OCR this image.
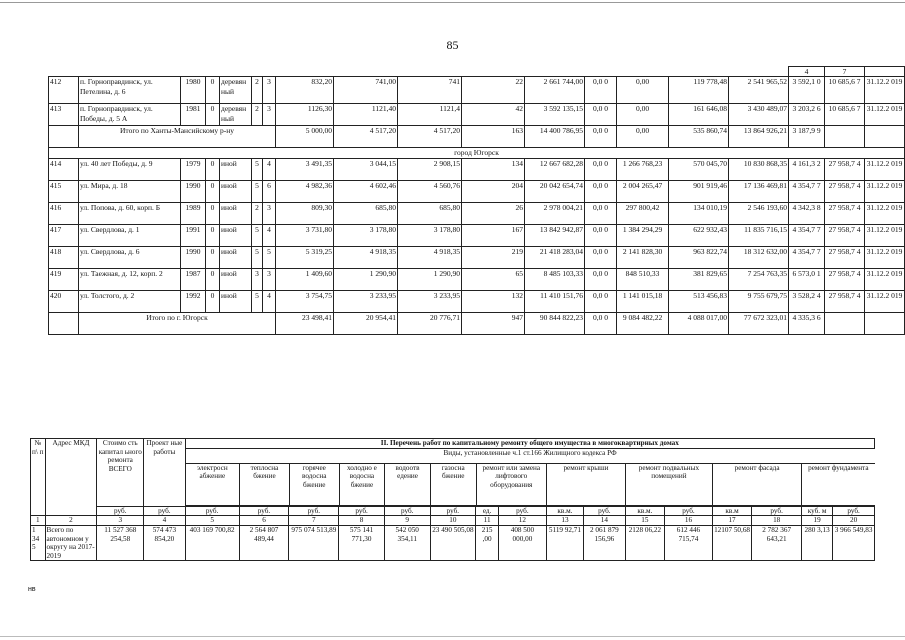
85
																4	7	
412	п. Горноправдинск, ул. Петелина, д. 6	1980	0	деревян ный	2	3	832,20	741,00	741	22	2 661 744,00	0,0 0	0,00	119 778,48	2 541 965,52	3 592,1 0	10 685,6 7	31.12.2 019
413	п. Горноправдинск, ул. Победы, д. 5 А	1981	0	деревян ный	2	3	1126,30	1121,40	1121,4	42	3 592 135,15	0,0 0	0,00	161 646,08	3 430 489,07	3 203,2 6	10 685,6 7	31.12.2 019
	Итого по Ханты-Мансийскому р-ну						5 000,00	4 517,20	4 517,20	163	14 400 786,95	0,0 0	0,00	535 860,74	13 864 926,21	3 187,9 9		
город Югорск																		
414	ул. 40 лет Победы, д. 9	1979	0	иной	5	4	3 491,35	3 044,15	2 908,15	134	12 667 682,28	0,0 0	1 266 768,23	570 045,70	10 830 868,35	4 161,3 2	27 958,7 4	31.12.2 019
415	ул. Мира, д. 18	1990	0	иной	5	6	4 982,36	4 602,46	4 560,76	204	20 042 654,74	0,0 0	2 004 265,47	901 919,46	17 136 469,81	4 354,7 7	27 958,7 4	31.12.2 019
416	ул. Попова, д. 60, корп. Б	1989	0	иной	2	3	809,30	685,80	685,80	26	2 978 004,21	0,0 0	297 800,42	134 010,19	2 546 193,60	4 342,3 8	27 958,7 4	31.12.2 019
417	ул. Свердлова, д. 1	1991	0	иной	5	4	3 731,80	3 178,80	3 178,80	167	13 842 942,87	0,0 0	1 384 294,29	622 932,43	11 835 716,15	4 354,7 7	27 958,7 4	31.12.2 019
418	ул. Свердлова, д. 6	1990	0	иной	5	5	5 319,25	4 918,35	4 918,35	219	21 418 283,04	0,0 0	2 141 828,30	963 822,74	18 312 632,00	4 354,7 7	27 958,7 4	31.12.2 019
419	ул. Таежная, д. 12, корп. 2	1987	0	иной	3	3	1 409,60	1 290,90	1 290,90	65	8 485 103,33	0,0 0	848 510,33	381 829,65	7 254 763,35	6 573,0 1	27 958,7 4	31.12.2 019
420	ул. Толстого, д. 2	1992	0	иной	5	4	3 754,75	3 233,95	3 233,95	132	11 410 151,76	0,0 0	1 141 015,18	513 456,83	9 755 679,75	3 528,2 4	27 958,7 4	31.12.2 019
	Итого по г. Югорск						23 498,41	20 954,41	20 776,71	947	90 844 822,23	0,0 0	9 084 482,22	4 088 017,00	77 672 323,01	4 335,3 6		
№ п\ п	Адрес МКД	Стоимо сть капитал ьного ремонта ВСЕГО	Проект ные работы	II. Перечень работ по капитальному ремонту общего имущества в многоквартирных домах

Виды, установленные ч.1 ст.166 Жилищного кодекса РФ
электросн абжение	теплосна бжение	горячее водосна бжение	холодно е водосна бжение	водоотв едение	газосна бжение	ремонт или замена лифтового оборудования	ремонт крыши	ремонт подвальных помещений	ремонт фасада	ремонт фундамента

руб.	руб.	руб.	руб.	руб.	руб.	руб.	руб.	ед.	руб.	кв.м.	руб.	кв.м.	руб.	кв.м	руб.	куб. м	руб.
1	2	3	4	5	6	7	8	9	10	11	12	13	14	15	16	17	18	19	20
1 34 5	Всего по автономном у округу на 2017-2019	11 527 368 254,58	574 473 854,20	403 169 700,82	2 564 807 489,44	975 074 513,89	575 141 771,30	542 050 354,11	23 490 505,08	215 ,00	408 500 000,00	5119 92,71	2 061 879 156,96	2128 06,22	612 446 715,74	12107 50,68	2 782 367 643,21	280 3,13	3 966 549,83
нв
